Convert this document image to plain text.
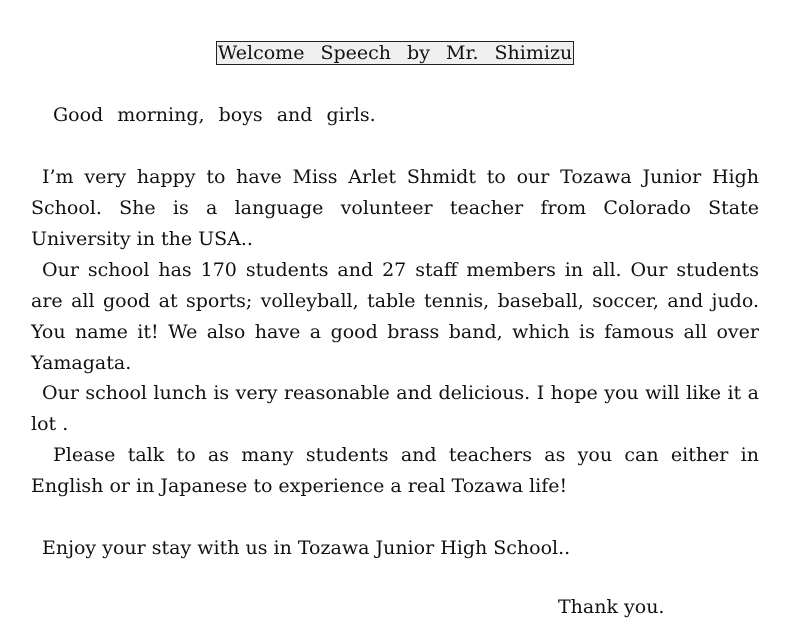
Welcome Speech by Mr. Shimizu

Good morning, boys and girls.

I’m very happy to have Miss Arlet Shmidt to our Tozawa Junior High School. She is a language volunteer teacher from Colorado State University in the USA..

Our school has 170 students and 27 staff members in all. Our students are all good at sports; volleyball, table tennis, baseball, soccer, and judo. You name it! We also have a good brass band, which is famous all over Yamagata.

Our school lunch is very reasonable and delicious. I hope you will like it a lot .

Please talk to as many students and teachers as you can either in English or in Japanese to experience a real Tozawa life!

Enjoy your stay with us in Tozawa Junior High School..

Thank you.
